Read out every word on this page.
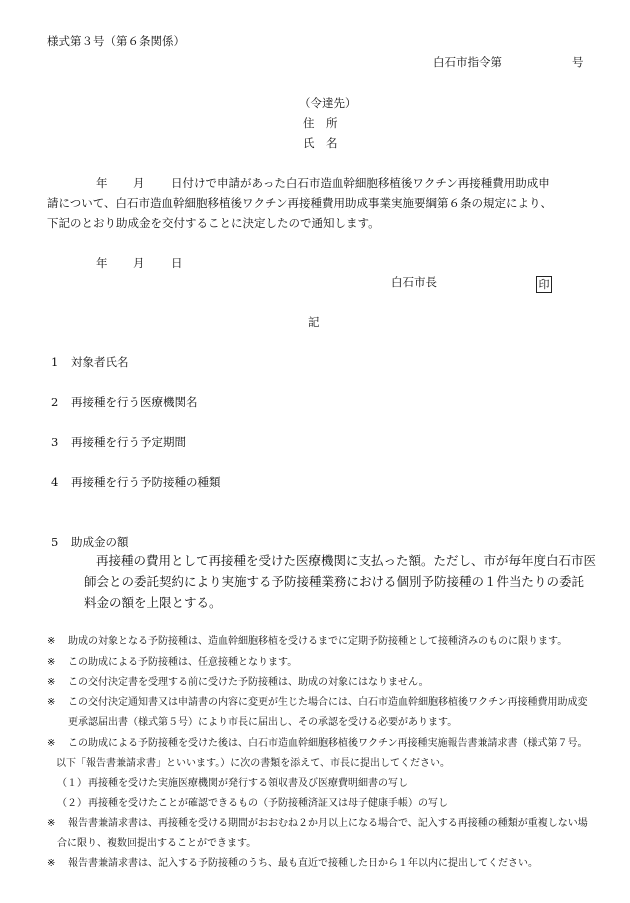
様式第３号（第６条関係）
白石市指令第	号
（令達先）
住　所
氏　名
年 月 日付けで申請があった白石市造血幹細胞移植後ワクチン再接種費用助成申
請について、白石市造血幹細胞移植後ワクチン再接種費用助成事業実施要綱第６条の規定により、
下記のとおり助成金を交付することに決定したので通知します。
年 月 日
白石市長	印
記
1 対象者氏名
2 再接種を行う医療機関名
3 再接種を行う予定期間
4 再接種を行う予防接種の種類
5 助成金の額
再接種の費用として再接種を受けた医療機関に支払った額。ただし、市が毎年度白石市医
師会との委託契約により実施する予防接種業務における個別予防接種の１件当たりの委託
料金の額を上限とする。
※ 助成の対象となる予防接種は、造血幹細胞移植を受けるまでに定期予防接種として接種済みのものに限ります。
※ この助成による予防接種は、任意接種となります。
※ この交付決定書を受理する前に受けた予防接種は、助成の対象にはなりません。
※ この交付決定通知書又は申請書の内容に変更が生じた場合には、白石市造血幹細胞移植後ワクチン再接種費用助成変
更承認届出書（様式第５号）により市長に届出し、その承認を受ける必要があります。
※ この助成による予防接種を受けた後は、白石市造血幹細胞移植後ワクチン再接種実施報告書兼請求書（様式第７号。
以下「報告書兼請求書」といいます。）に次の書類を添えて、市長に提出してください。
（１） 再接種を受けた実施医療機関が発行する領収書及び医療費明細書の写し
（２） 再接種を受けたことが確認できるもの（予防接種済証又は母子健康手帳）の写し
※ 報告書兼請求書は、再接種を受ける期間がおおむね２か月以上になる場合で、記入する再接種の種類が重複しない場
合に限り、複数回提出することができます。
※ 報告書兼請求書は、記入する予防接種のうち、最も直近で接種した日から１年以内に提出してください。
